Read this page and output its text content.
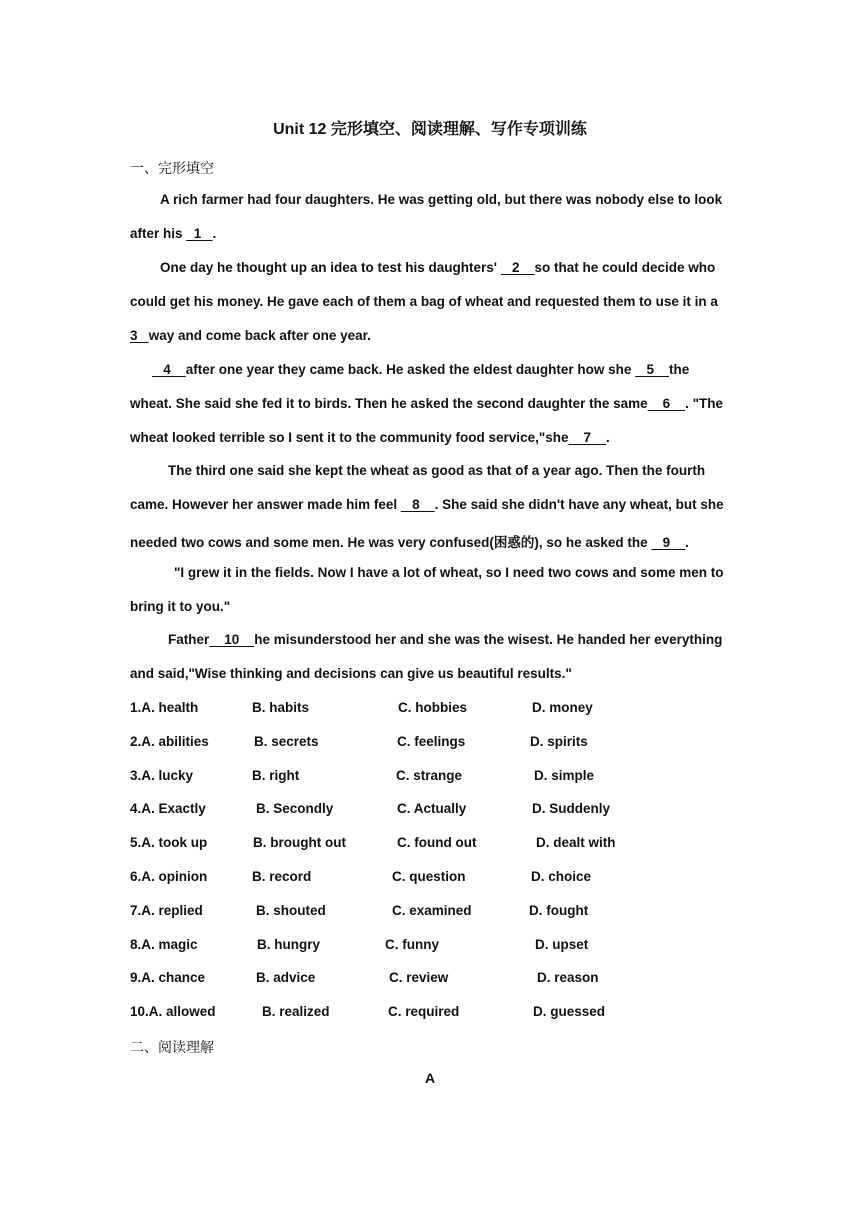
Unit 12 完形填空、阅读理解、写作专项训练
一、完形填空
A rich farmer had four daughters. He was getting old, but there was nobody else to look
after his   1   .
One day he thought up an idea to test his daughters'    2    so that he could decide who
could get his money. He gave each of them a bag of wheat and requested them to use it in a
3   way and come back after one year.
4    after one year they came back. He asked the eldest daughter how she    5    the
wheat. She said she fed it to birds. Then he asked the second daughter the same    6    . "The
wheat looked terrible so I sent it to the community food service,"she    7    .
The third one said she kept the wheat as good as that of a year ago. Then the fourth
came. However her answer made him feel    8    . She said she didn't have any wheat, but she
needed two cows and some men. He was very confused(困惑的), so he asked the    9    .
"I grew it in the fields. Now I have a lot of wheat, so I need two cows and some men to
bring it to you."
Father    10    he misunderstood her and she was the wisest. He handed her everything
and said,"Wise thinking and decisions can give us beautiful results."
1.A. health	B. habits	C. hobbies	D. money
2.A. abilities	B. secrets	C. feelings	D. spirits
3.A. lucky	B. right	C. strange	D. simple
4.A. Exactly	B. Secondly	C. Actually	D. Suddenly
5.A. took up	B. brought out	C. found out	D. dealt with
6.A. opinion	B. record	C. question	D. choice
7.A. replied	B. shouted	C. examined	D. fought
8.A. magic	B. hungry	C. funny	D. upset
9.A. chance	B. advice	C. review	D. reason
10.A. allowed	B. realized	C. required	D. guessed
二、阅读理解
A
